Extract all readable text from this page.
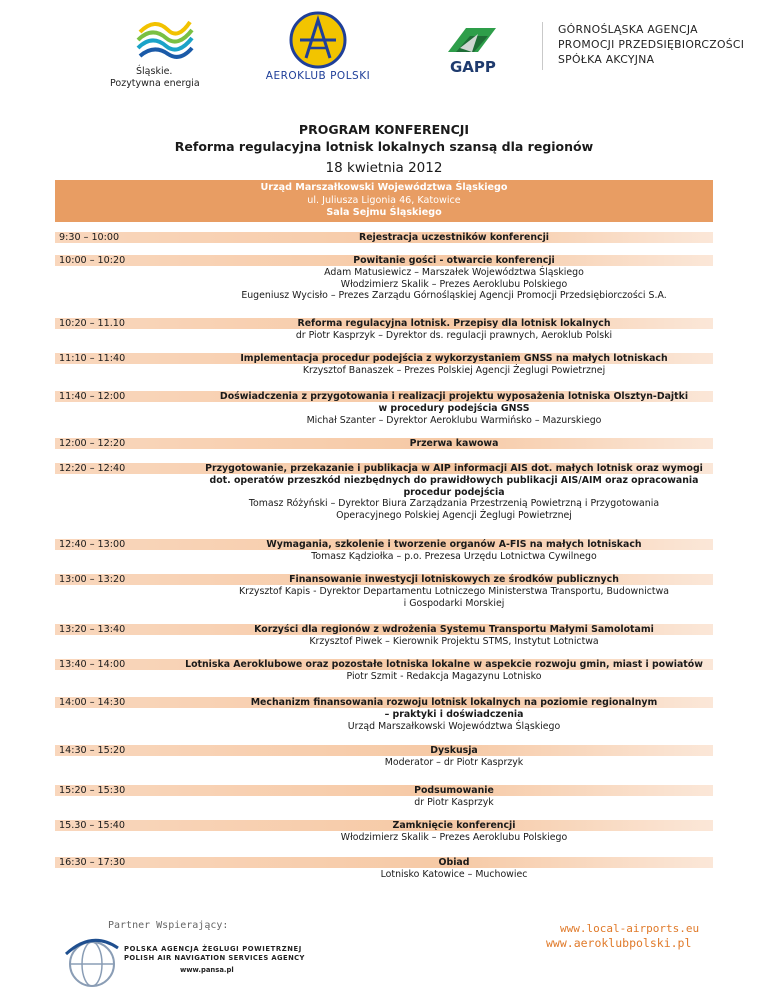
Śląskie.
Pozytywna energia
AEROKLUB POLSKI	GAPP
GÓRNOŚLĄSKA AGENCJA
PROMOCJI PRZEDSIĘBIORCZOŚCI
SPÓŁKA AKCYJNA
PROGRAM KONFERENCJI
Reforma regulacyjna lotnisk lokalnych szansą dla regionów
18 kwietnia 2012
Urząd Marszałkowski Województwa Śląskiego
ul. Juliusza Ligonia 46, Katowice
Sala Sejmu Śląskiego
9:30 – 10:00	Rejestracja uczestników konferencji
10:00 – 10:20	Powitanie gości - otwarcie konferencji
Adam Matusiewicz – Marszałek Województwa Śląskiego
Włodzimierz Skalik – Prezes Aeroklubu Polskiego
Eugeniusz Wycisło – Prezes Zarządu Górnośląskiej Agencji Promocji Przedsiębiorczości S.A.
10:20 – 11.10	Reforma regulacyjna lotnisk. Przepisy dla lotnisk lokalnych
dr Piotr Kasprzyk – Dyrektor ds. regulacji prawnych, Aeroklub Polski
11:10 – 11:40	Implementacja procedur podejścia z wykorzystaniem GNSS na małych lotniskach
Krzysztof Banaszek – Prezes Polskiej Agencji Żeglugi Powietrznej
11:40 – 12:00	Doświadczenia z przygotowania i realizacji projektu wyposażenia lotniska Olsztyn-Dajtki
w procedury podejścia GNSS
Michał Szanter – Dyrektor Aeroklubu Warmińsko – Mazurskiego
12:00 – 12:20	Przerwa kawowa
12:20 – 12:40	Przygotowanie, przekazanie i publikacja w AIP informacji AIS dot. małych lotnisk oraz wymogi
dot. operatów przeszkód niezbędnych do prawidłowych publikacji AIS/AIM oraz opracowania
procedur podejścia
Tomasz Różyński – Dyrektor Biura Zarządzania Przestrzenią Powietrzną i Przygotowania
Operacyjnego Polskiej Agencji Żeglugi Powietrznej
12:40 – 13:00	Wymagania, szkolenie i tworzenie organów A-FIS na małych lotniskach
Tomasz Kądziołka – p.o. Prezesa Urzędu Lotnictwa Cywilnego
13:00 – 13:20	Finansowanie inwestycji lotniskowych ze środków publicznych
Krzysztof Kapis - Dyrektor Departamentu Lotniczego Ministerstwa Transportu, Budownictwa
i Gospodarki Morskiej
13:20 – 13:40	Korzyści dla regionów z wdrożenia Systemu Transportu Małymi Samolotami
Krzysztof Piwek – Kierownik Projektu STMS, Instytut Lotnictwa
13:40 – 14:00	Lotniska Aeroklubowe oraz pozostałe lotniska lokalne w aspekcie rozwoju gmin, miast i powiatów
Piotr Szmit - Redakcja Magazynu Lotnisko
14:00 – 14:30	Mechanizm finansowania rozwoju lotnisk lokalnych na poziomie regionalnym
– praktyki i doświadczenia
Urząd Marszałkowski Województwa Śląskiego
14:30 – 15:20	Dyskusja
Moderator – dr Piotr Kasprzyk
15:20 – 15:30	Podsumowanie
dr Piotr Kasprzyk
15.30 – 15:40	Zamknięcie konferencji
Włodzimierz Skalik – Prezes Aeroklubu Polskiego
16:30 – 17:30	Obiad
Lotnisko Katowice – Muchowiec
Partner Wspierający:
POLSKA AGENCJA ŻEGLUGI POWIETRZNEJ
POLISH AIR NAVIGATION SERVICES AGENCY
www.pansa.pl
www.local-airports.eu
www.aeroklubpolski.pl
